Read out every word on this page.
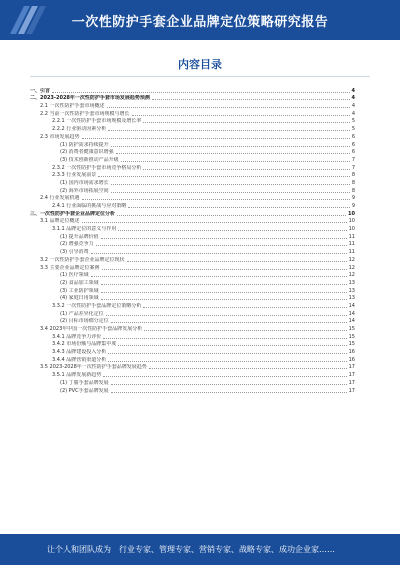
一次性防护手套企业品牌定位策略研究报告
内容目录
一、引言	4
二、2023-2028年一次性防护手套市场发展趋势预测	4
2.1 一次性防护手套市场概述	4
2.2 当前一次性防护手套市场规模与增长	4
2.2.1 一次性防护手套市场规模及增长率	5
2.2.2 行业驱动因素分析	5
2.3 市场发展趋势	6
(1) 防护需求持续提升	6
(2) 消费者健康意识增强	6
(3) 技术创新推动产品升级	7
2.3.2 一次性防护手套市场竞争格局分析	7
2.3.3 行业发展前景	8
(1) 国内市场需求增长	8
(2) 海外市场拓展空间	8
2.4 行业发展机遇	9
2.4.1 行业面临的挑战与应对策略	9
三、一次性防护手套企业品牌定位分析	10
3.1 品牌定位概述	10
3.1.1 品牌定位的意义与作用	10
(1) 提升品牌价值	11
(2) 增强竞争力	11
(3) 引导消费	11
3.2 一次性防护手套企业品牌定位现状	12
3.3 主要企业品牌定位案例	12
(1) 医疗领域	12
(2) 食品加工领域	13
(3) 工业防护领域	13
(4) 家庭日用领域	13
3.3.2 一次性防护手套品牌定位策略分析	14
(1) 产品差异化定位	14
(2) 目标市场细分定位	14
3.4 2023年中国一次性防护手套品牌发展分析	15
3.4.1 品牌竞争力评价	15
3.4.2 市场份额与品牌集中度	15
3.4.3 品牌建设投入分析	16
3.4.4 品牌营销渠道分析	16
3.5 2023-2028年一次性防护手套品牌发展趋势	17
3.5.1 品牌发展新趋势	17
(1) 丁腈手套品牌发展	17
(2) PVC手套品牌发展	17
让个人和团队成为 行业专家、管理专家、营销专家、战略专家、成功企业家……
